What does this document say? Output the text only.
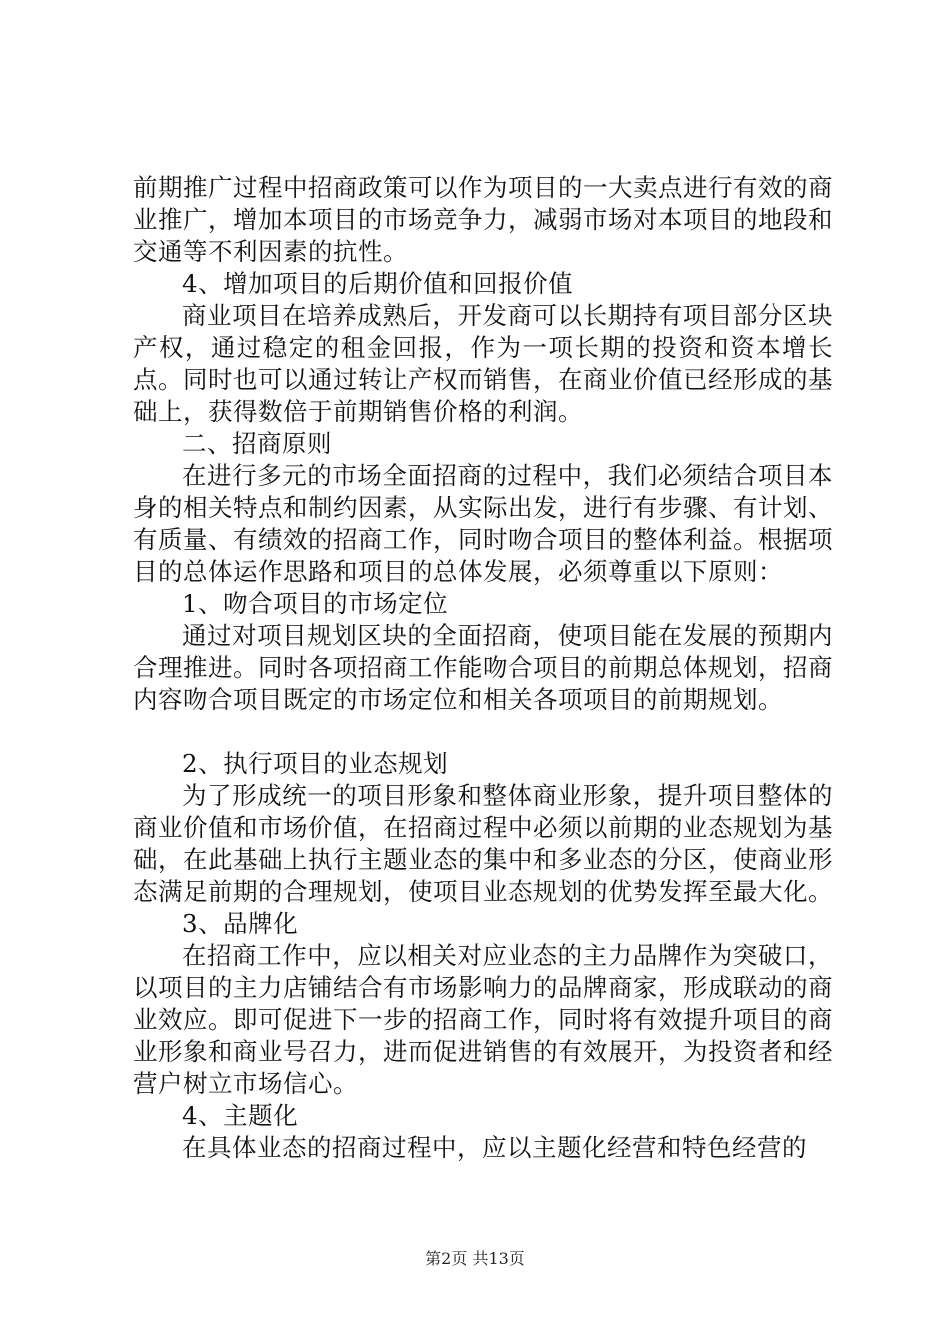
前期推广过程中招商政策可以作为项目的一大卖点进行有效的商业推广，增加本项目的市场竞争力，减弱市场对本项目的地段和交通等不利因素的抗性。

4、增加项目的后期价值和回报价值

商业项目在培养成熟后，开发商可以长期持有项目部分区块产权，通过稳定的租金回报，作为一项长期的投资和资本增长点。同时也可以通过转让产权而销售，在商业价值已经形成的基础上，获得数倍于前期销售价格的利润。

二、招商原则

在进行多元的市场全面招商的过程中，我们必须结合项目本身的相关特点和制约因素，从实际出发，进行有步骤、有计划、有质量、有绩效的招商工作，同时吻合项目的整体利益。根据项目的总体运作思路和项目的总体发展，必须尊重以下原则：

1、吻合项目的市场定位

通过对项目规划区块的全面招商，使项目能在发展的预期内合理推进。同时各项招商工作能吻合项目的前期总体规划，招商内容吻合项目既定的市场定位和相关各项项目的前期规划。

2、执行项目的业态规划

为了形成统一的项目形象和整体商业形象，提升项目整体的商业价值和市场价值，在招商过程中必须以前期的业态规划为基础，在此基础上执行主题业态的集中和多业态的分区，使商业形态满足前期的合理规划，使项目业态规划的优势发挥至最大化。

3、品牌化

在招商工作中，应以相关对应业态的主力品牌作为突破口，以项目的主力店铺结合有市场影响力的品牌商家，形成联动的商业效应。即可促进下一步的招商工作，同时将有效提升项目的商业形象和商业号召力，进而促进销售的有效展开，为投资者和经营户树立市场信心。

4、主题化

在具体业态的招商过程中，应以主题化经营和特色经营的

第2页 共13页
